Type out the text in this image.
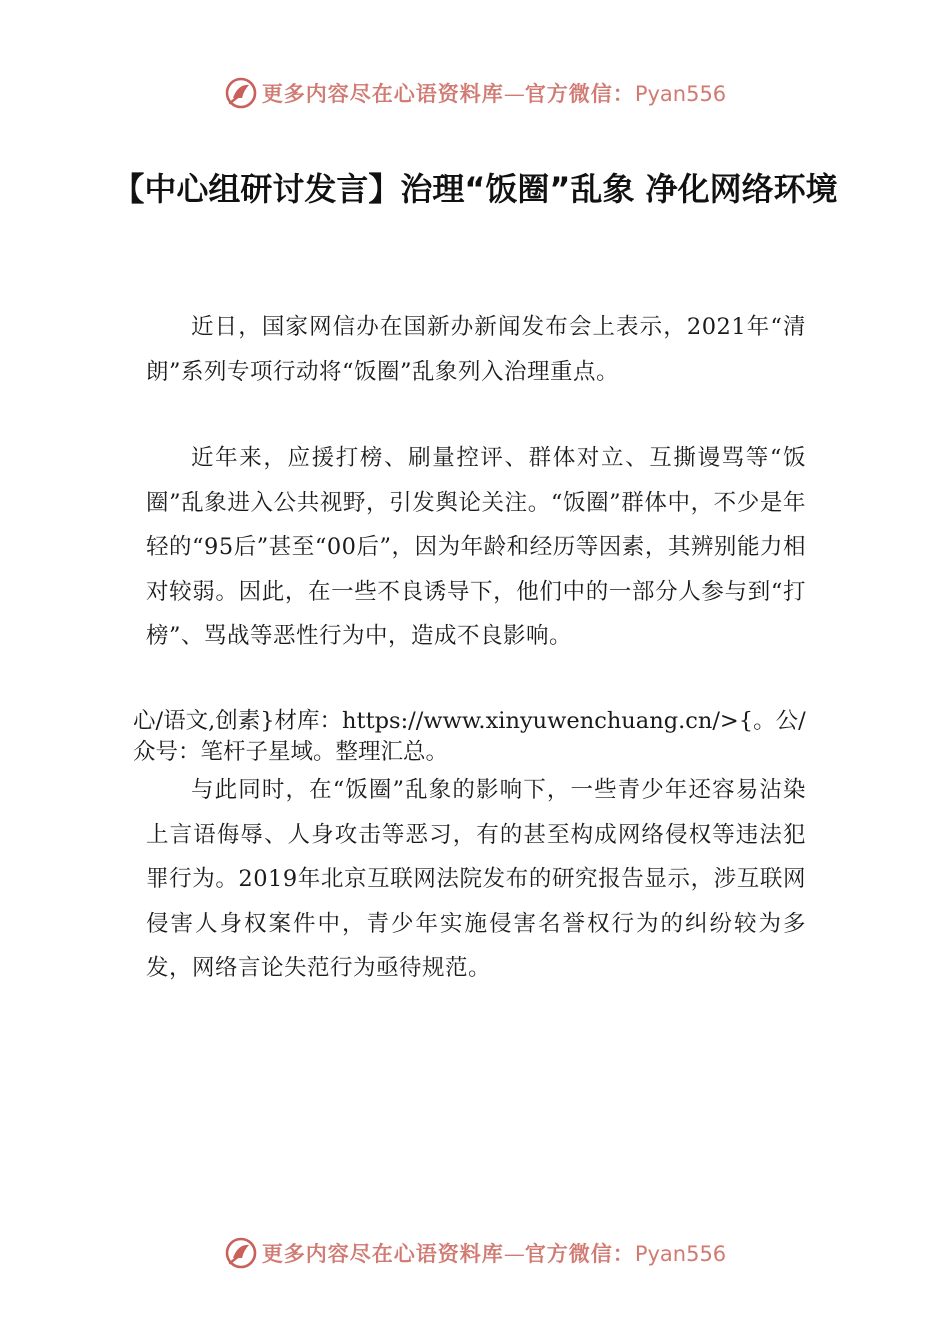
更多内容尽在心语资料库—官方微信：Pyan556
【中心组研讨发言】治理“饭圈”乱象 净化网络环境

近日，国家网信办在国新办新闻发布会上表示，2021年“清朗”系列专项行动将“饭圈”乱象列入治理重点。

近年来，应援打榜、刷量控评、群体对立、互撕谩骂等“饭圈”乱象进入公共视野，引发舆论关注。“饭圈”群体中，不少是年轻的“95后”甚至“00后”，因为年龄和经历等因素，其辨别能力相对较弱。因此，在一些不良诱导下，他们中的一部分人参与到“打榜”、骂战等恶性行为中，造成不良影响。

心/语文,创素}材库：https://www.xinyuwenchuang.cn/>{。公/众号：笔杆子星域。整理汇总。

与此同时，在“饭圈”乱象的影响下，一些青少年还容易沾染上言语侮辱、人身攻击等恶习，有的甚至构成网络侵权等违法犯罪行为。2019年北京互联网法院发布的研究报告显示，涉互联网侵害人身权案件中，青少年实施侵害名誉权行为的纠纷较为多发，网络言论失范行为亟待规范。

更多内容尽在心语资料库—官方微信：Pyan556
